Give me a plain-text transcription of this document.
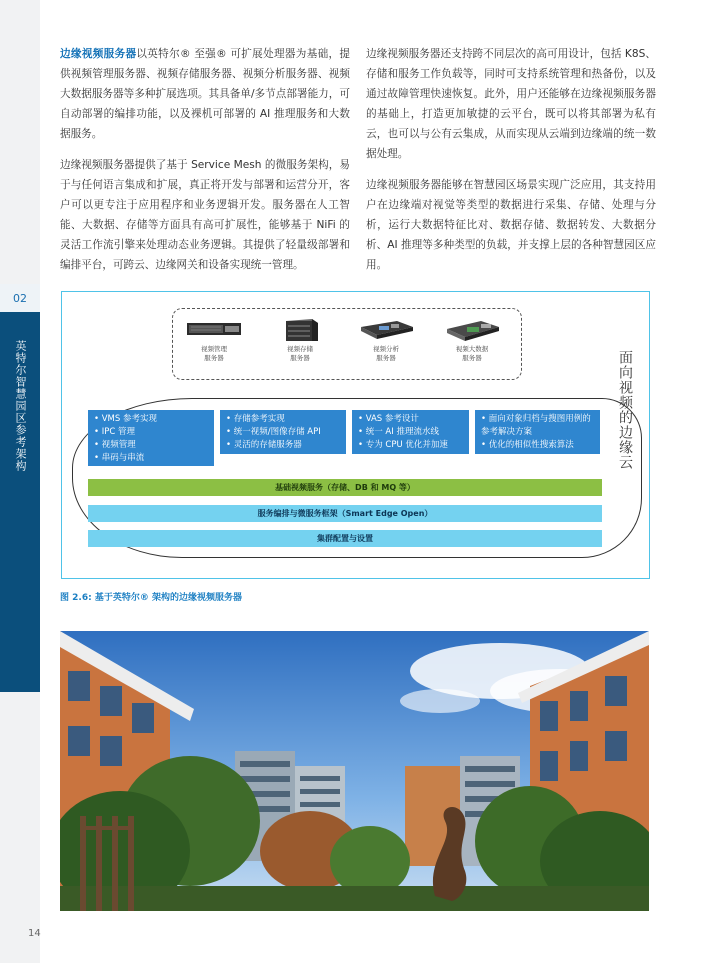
02
英特尔智慧园区参考架构

边缘视频服务器以英特尔® 至强® 可扩展处理器为基础，提供视频管理服务器、视频存储服务器、视频分析服务器、视频大数据服务器等多种扩展选项。其具备单/多节点部署能力，可自动部署的编排功能，以及裸机可部署的 AI 推理服务和大数据服务。

边缘视频服务器提供了基于 Service Mesh 的微服务架构，易于与任何语言集成和扩展，真正将开发与部署和运营分开，客户可以更专注于应用程序和业务逻辑开发。服务器在人工智能、大数据、存储等方面具有高可扩展性，能够基于 NiFi 的灵活工作流引擎来处理动态业务逻辑。其提供了轻量级部署和编排平台，可跨云、边缘网关和设备实现统一管理。

边缘视频服务器还支持跨不同层次的高可用设计，包括 K8S、存储和服务工作负载等，同时可支持系统管理和热备份，以及通过故障管理快速恢复。此外，用户还能够在边缘视频服务器的基础上，打造更加敏捷的云平台，既可以将其部署为私有云，也可以与公有云集成，从而实现从云端到边缘端的统一数据处理。

边缘视频服务器能够在智慧园区场景实现广泛应用，其支持用户在边缘端对视觉等类型的数据进行采集、存储、处理与分析，运行大数据特征比对、数据存储、数据转发、大数据分析、AI 推理等多种类型的负载，并支撑上层的各种智慧园区应用。

视频管理
服务器
视频存储
服务器
视频分析
服务器
视频大数据
服务器
• VMS 参考实现
• IPC 管理
• 视频管理
• 串码与串流
• 存储参考实现
• 统一视频/图像存储 API
• 灵活的存储服务器
• VAS 参考设计
• 统一 AI 推理流水线
• 专为 CPU 优化并加速
• 面向对象归档与搜图用例的
参考解决方案
• 优化的相似性搜索算法
基础视频服务（存储、DB 和 MQ 等）
服务编排与微服务框架（Smart Edge Open）
集群配置与设置
面向视频的边缘云
图 2.6: 基于英特尔® 架构的边缘视频服务器
14
